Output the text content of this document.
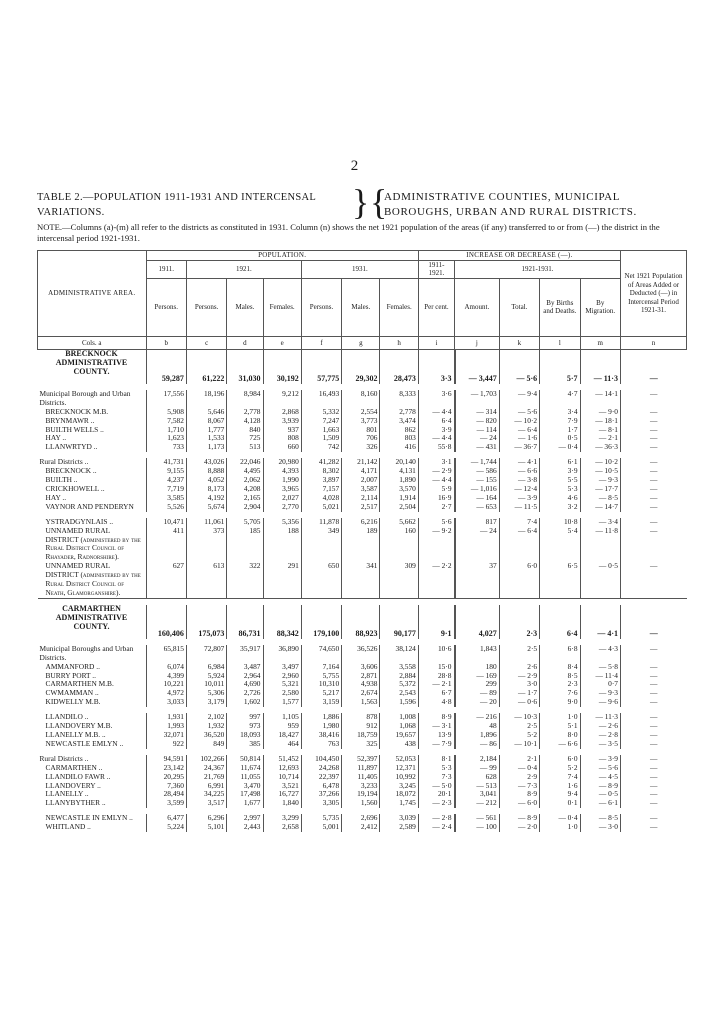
2
TABLE 2.—POPULATION 1911-1931 AND INTERCENSAL VARIATIONS.	} {
ADMINISTRATIVE COUNTIES, MUNICIPAL BOROUGHS, URBAN AND RURAL DISTRICTS.
NOTE.—Columns (a)-(m) all refer to the districts as constituted in 1931. Column (n) shows the net 1921 population of the areas (if any) transferred to or from (—) the district in the intercensal period 1921-1931.
ADMINISTRATIVE AREA.	POPULATION.							INCREASE OR DECREASE (—).					Net 1921 Population of Areas Added or Deducted (—) in Intercensal Period 1921-31.
	1911.	1921.			1931.			1911-1921.	1921-1931.				
	Persons.	Persons.	Males.	Females.	Persons.	Males.	Females.	Per cent.	Amount.	Total.	By Births and Deaths.	By Migration.	
Cols. a	b	c	d	e	f	g	h	i	j	k	l	m	n
BRECKNOCK ADMINISTRATIVE COUNTY.	59,287	61,222	31,030	30,192	57,775	29,302	28,473	3·3	— 3,447	— 5·6	5·7	— 11·3	—

Municipal Borough and Urban Districts.	17,556	18,196	8,984	9,212	16,493	8,160	8,333	3·6	— 1,703	— 9·4	4·7	— 14·1	—
BRECKNOCK M.B.	5,908	5,646	2,778	2,868	5,332	2,554	2,778	— 4·4	— 314	— 5·6	3·4	— 9·0	—
BRYNMAWR ..	7,582	8,067	4,128	3,939	7,247	3,773	3,474	6·4	— 820	— 10·2	7·9	— 18·1	—
BUILTH WELLS ..	1,710	1,777	840	937	1,663	801	862	3·9	— 114	— 6·4	1·7	— 8·1	—
HAY ..	1,623	1,533	725	808	1,509	706	803	— 4·4	— 24	— 1·6	0·5	— 2·1	—
LLANWRTYD ..	733	1,173	513	660	742	326	416	55·8	— 431	— 36·7	— 0·4	— 36·3	—

Rural Districts ..	41,731	43,026	22,046	20,980	41,282	21,142	20,140	3·1	— 1,744	— 4·1	6·1	— 10·2	—
BRECKNOCK ..	9,155	8,888	4,495	4,393	8,302	4,171	4,131	— 2·9	— 586	— 6·6	3·9	— 10·5	—
BUILTH ..	4,237	4,052	2,062	1,990	3,897	2,007	1,890	— 4·4	— 155	— 3·8	5·5	— 9·3	—
CRICKHOWELL ..	7,719	8,173	4,208	3,965	7,157	3,587	3,570	5·9	— 1,016	— 12·4	5·3	— 17·7	—
HAY ..	3,585	4,192	2,165	2,027	4,028	2,114	1,914	16·9	— 164	— 3·9	4·6	— 8·5	—
VAYNOR AND PENDERYN	5,526	5,674	2,904	2,770	5,021	2,517	2,504	2·7	— 653	— 11·5	3·2	— 14·7	—

YSTRADGYNLAIS ..	10,471	11,061	5,705	5,356	11,878	6,216	5,662	5·6	817	7·4	10·8	— 3·4	—
UNNAMED RURAL DISTRICT (administered by the Rural District Council of Rhayader, Radnorshire).	411	373	185	188	349	189	160	— 9·2	— 24	— 6·4	5·4	— 11·8	—
UNNAMED RURAL DISTRICT (administered by the Rural District Council of Neath, Glamorganshire).	627	613	322	291	650	341	309	— 2·2	37	6·0	6·5	— 0·5	—

CARMARTHEN ADMINISTRATIVE COUNTY.	160,406	175,073	86,731	88,342	179,100	88,923	90,177	9·1	4,027	2·3	6·4	— 4·1	—

Municipal Boroughs and Urban Districts.	65,815	72,807	35,917	36,890	74,650	36,526	38,124	10·6	1,843	2·5	6·8	— 4·3	—
AMMANFORD ..	6,074	6,984	3,487	3,497	7,164	3,606	3,558	15·0	180	2·6	8·4	— 5·8	—
BURRY PORT ..	4,399	5,924	2,964	2,960	5,755	2,871	2,884	28·8	— 169	— 2·9	8·5	— 11·4	—
CARMARTHEN M.B.	10,221	10,011	4,690	5,321	10,310	4,938	5,372	— 2·1	299	3·0	2·3	0·7	—
CWMAMMAN ..	4,972	5,306	2,726	2,580	5,217	2,674	2,543	6·7	— 89	— 1·7	7·6	— 9·3	—
KIDWELLY M.B.	3,033	3,179	1,602	1,577	3,159	1,563	1,596	4·8	— 20	— 0·6	9·0	— 9·6	—

LLANDILO ..	1,931	2,102	997	1,105	1,886	878	1,008	8·9	— 216	— 10·3	1·0	— 11·3	—
LLANDOVERY M.B.	1,993	1,932	973	959	1,980	912	1,068	— 3·1	48	2·5	5·1	— 2·6	—
LLANELLY M.B. ..	32,071	36,520	18,093	18,427	38,416	18,759	19,657	13·9	1,896	5·2	8·0	— 2·8	—
NEWCASTLE EMLYN ..	922	849	385	464	763	325	438	— 7·9	— 86	— 10·1	— 6·6	— 3·5	—

Rural Districts ..	94,591	102,266	50,814	51,452	104,450	52,397	52,053	8·1	2,184	2·1	6·0	— 3·9	—
CARMARTHEN ..	23,142	24,367	11,674	12,693	24,268	11,897	12,371	5·3	— 99	— 0·4	5·2	— 5·6	—
LLANDILO FAWR ..	20,295	21,769	11,055	10,714	22,397	11,405	10,992	7·3	628	2·9	7·4	— 4·5	—
LLANDOVERY ..	7,360	6,991	3,470	3,521	6,478	3,233	3,245	— 5·0	— 513	— 7·3	1·6	— 8·9	—
LLANELLY ..	28,494	34,225	17,498	16,727	37,266	19,194	18,072	20·1	3,041	8·9	9·4	— 0·5	—
LLANYBYTHER ..	3,599	3,517	1,677	1,840	3,305	1,560	1,745	— 2·3	— 212	— 6·0	0·1	— 6·1	—

NEWCASTLE IN EMLYN ..	6,477	6,296	2,997	3,299	5,735	2,696	3,039	— 2·8	— 561	— 8·9	— 0·4	— 8·5	—
WHITLAND ..	5,224	5,101	2,443	2,658	5,001	2,412	2,589	— 2·4	— 100	— 2·0	1·0	— 3·0	—
